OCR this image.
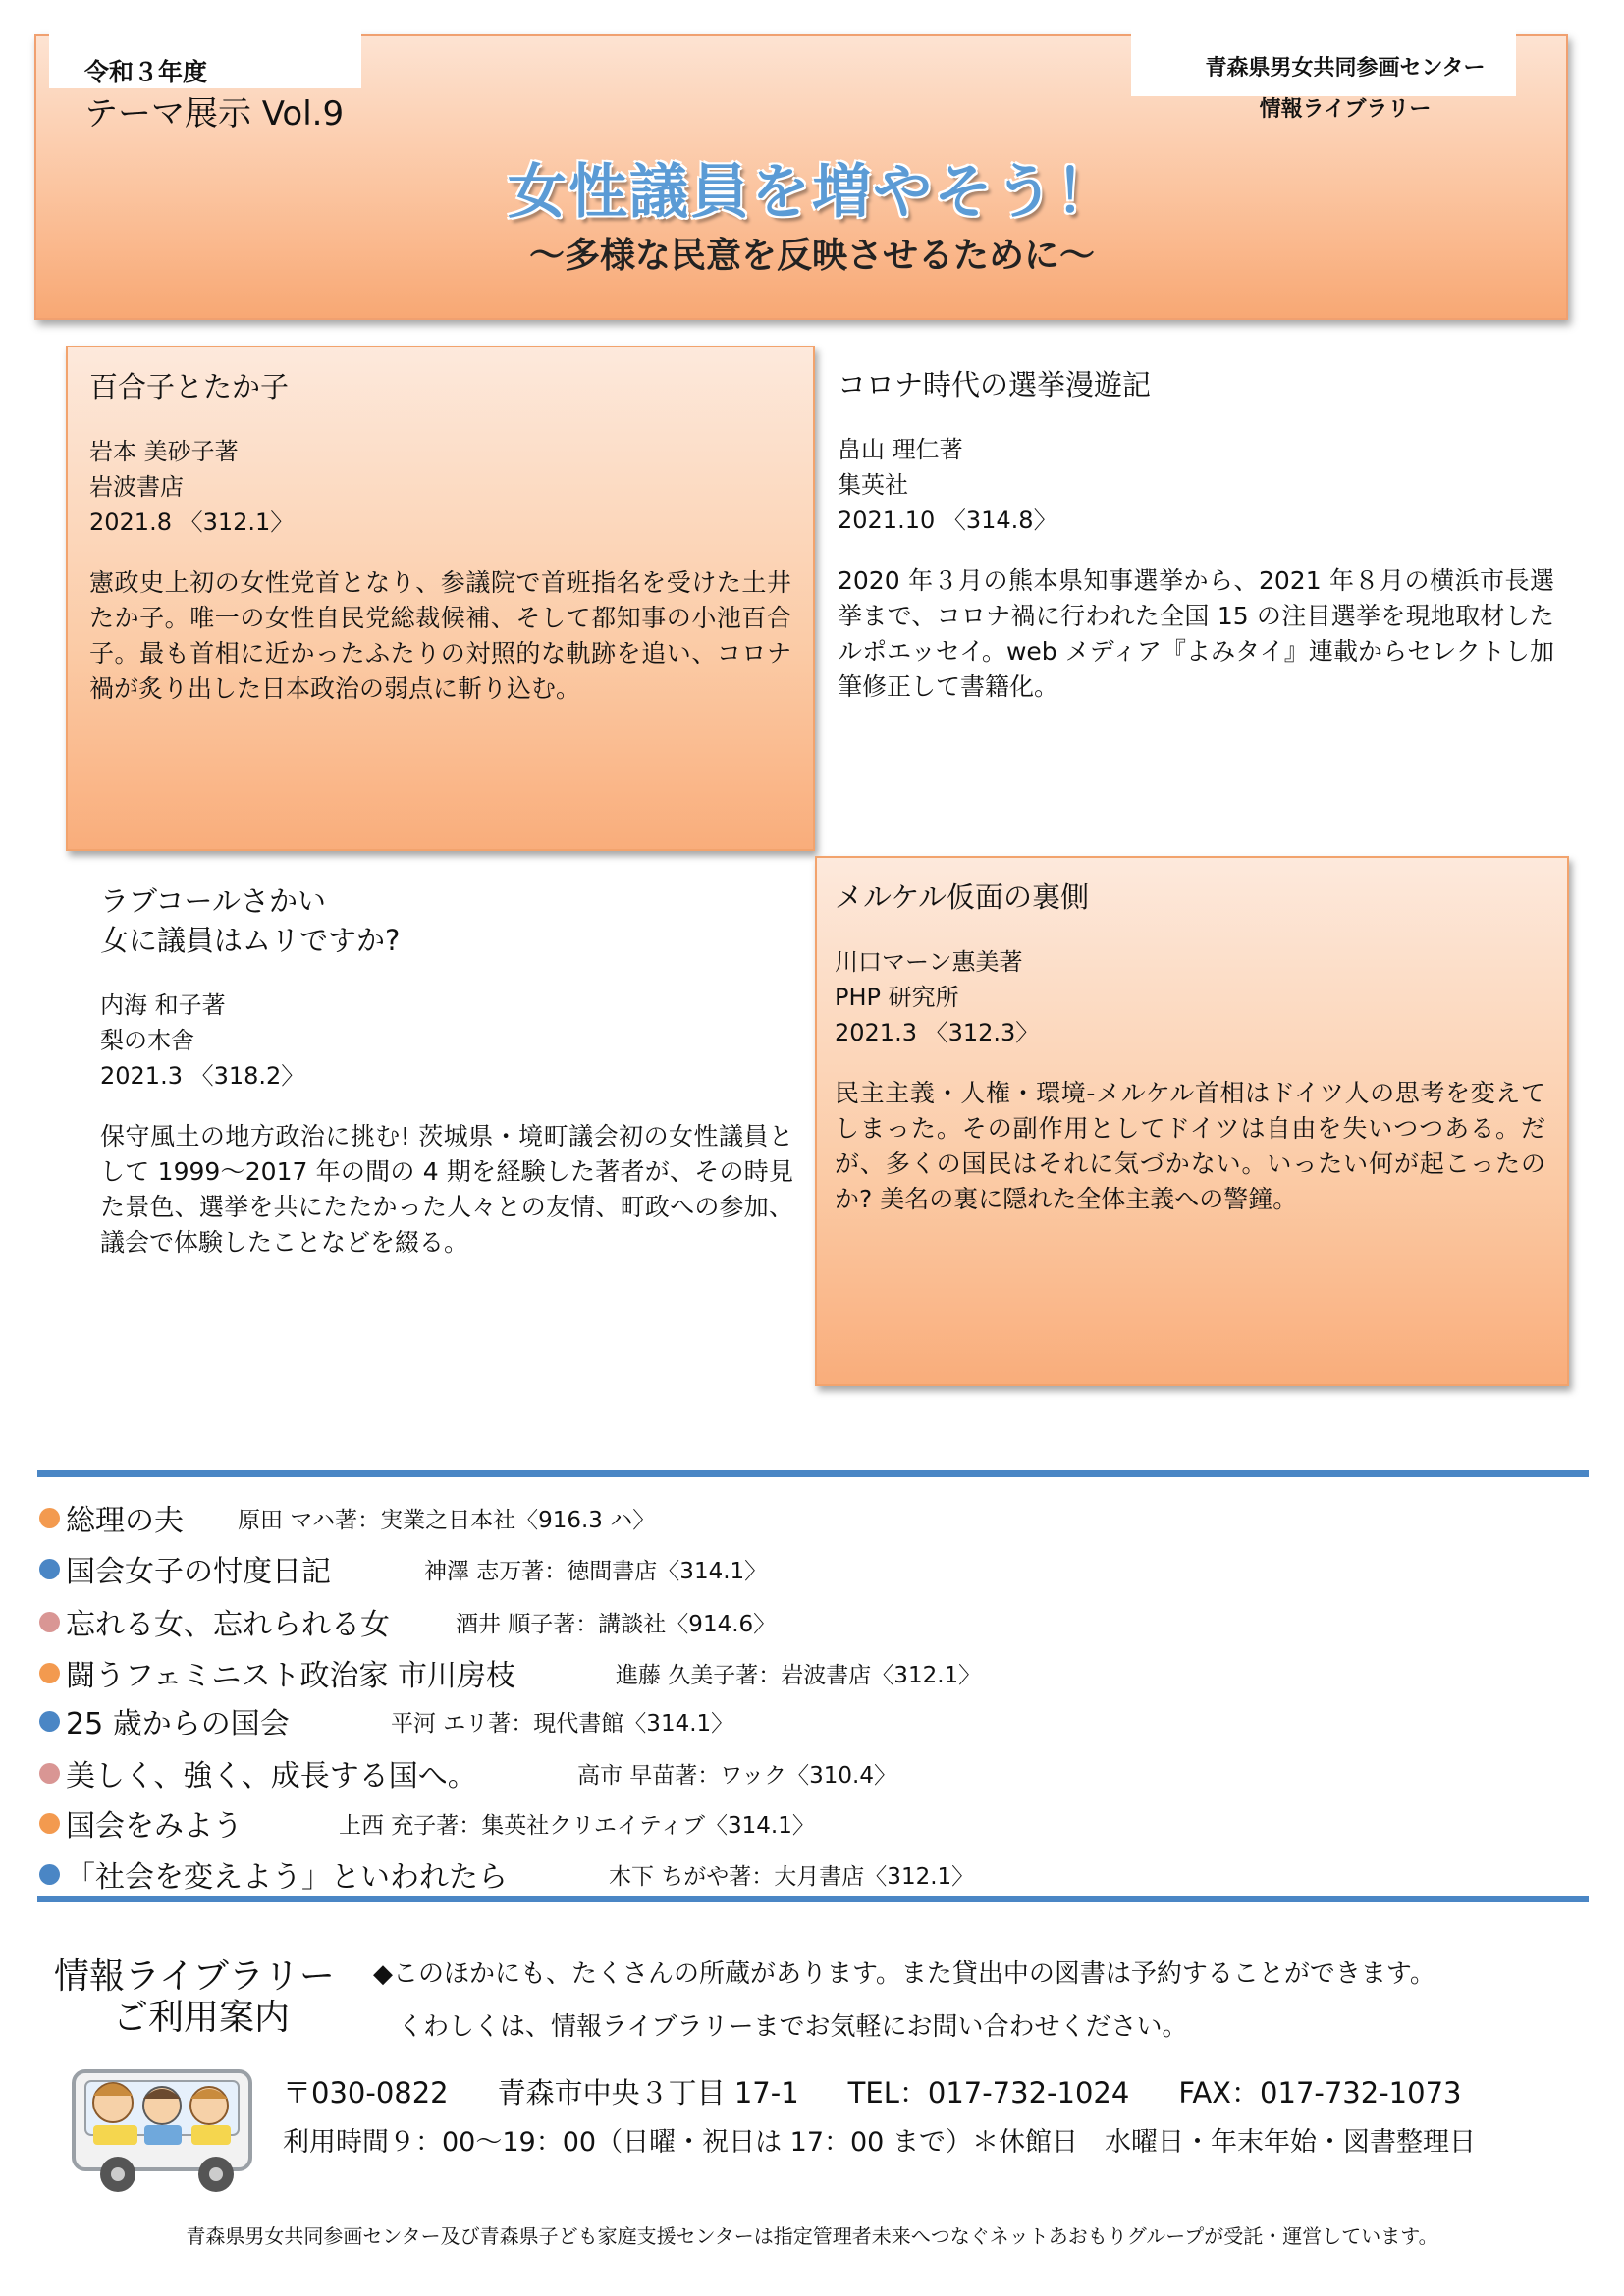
令和３年度
テーマ展示 Vol.9
青森県男女共同参画センター
情報ライブラリー
女性議員を増やそう！
～多様な民意を反映させるために～
百合子とたか子
岩本 美砂子著
岩波書店
2021.8 〈312.1〉
憲政史上初の女性党首となり、参議院で首班指名を受けた土井たか子。唯一の女性自民党総裁候補、そして都知事の小池百合子。最も首相に近かったふたりの対照的な軌跡を追い、コロナ禍が炙り出した日本政治の弱点に斬り込む。
コロナ時代の選挙漫遊記
畠山 理仁著
集英社
2021.10 〈314.8〉
2020 年３月の熊本県知事選挙から、2021 年８月の横浜市長選挙まで、コロナ禍に行われた全国 15 の注目選挙を現地取材したルポエッセイ。web メディア『よみタイ』連載からセレクトし加筆修正して書籍化。
ラブコールさかい
女に議員はムリですか?
内海 和子著
梨の木舎
2021.3 〈318.2〉
保守風土の地方政治に挑む! 茨城県・境町議会初の女性議員として 1999～2017 年の間の 4 期を経験した著者が、その時見た景色、選挙を共にたたかった人々との友情、町政への参加、議会で体験したことなどを綴る。
メルケル仮面の裏側
川口マーン惠美著
PHP 研究所
2021.3 〈312.3〉
民主主義・人権・環境-メルケル首相はドイツ人の思考を変えてしまった。その副作用としてドイツは自由を失いつつある。だが、多くの国民はそれに気づかない。いったい何が起こったのか? 美名の裏に隠れた全体主義への警鐘。
総理の夫 原田 マハ著：実業之日本社〈916.3 ハ〉
国会女子の忖度日記	神澤 志万著：徳間書店〈314.1〉
忘れる女、忘れられる女	酒井 順子著：講談社〈914.6〉
闘うフェミニスト政治家 市川房枝	進藤 久美子著：岩波書店〈312.1〉
25 歳からの国会	平河 エリ著：現代書館〈314.1〉
美しく、強く、成長する国へ。	高市 早苗著：ワック〈310.4〉
国会をみよう	上西 充子著：集英社クリエイティブ〈314.1〉
「社会を変えよう」といわれたら	木下 ちがや著：大月書店〈312.1〉
情報ライブラリー
ご利用案内
◆このほかにも、たくさんの所蔵があります。また貸出中の図書は予約することができます。
くわしくは、情報ライブラリーまでお気軽にお問い合わせください。
〒030-0822 青森市中央３丁目 17-1 TEL：017-732-1024 FAX：017-732-1073
利用時間９：00～19：00（日曜・祝日は 17：00 まで）＊休館日　水曜日・年末年始・図書整理日
青森県男女共同参画センター及び青森県子ども家庭支援センターは指定管理者未来へつなぐネットあおもりグループが受託・運営しています。
